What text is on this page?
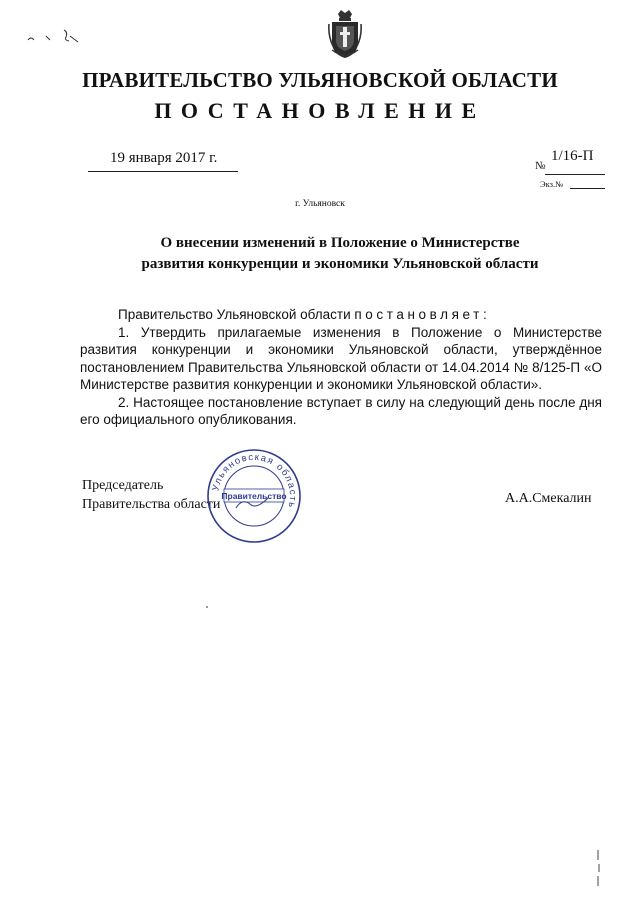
ПРАВИТЕЛЬСТВО УЛЬЯНОВСКОЙ ОБЛАСТИ
ПОСТАНОВЛЕНИЕ
19 января 2017 г.	№
1/16-П
Экз.№
г. Ульяновск
О внесении изменений в Положение о Министерстве
развития конкуренции и экономики Ульяновской области

Правительство Ульяновской области постановляет:

1. Утвердить прилагаемые изменения в Положение о Министерстве развития конкуренции и экономики Ульяновской области, утверждённое постановлением Правительства Ульяновской области от 14.04.2014 № 8/125-П «О Министерстве развития конкуренции и экономики Ульяновской области».

2. Настоящее постановление вступает в силу на следующий день после дня его официального опубликования.

Председатель
Правительства области	А.А.Смекалин
Ульяновская область
Правительство
